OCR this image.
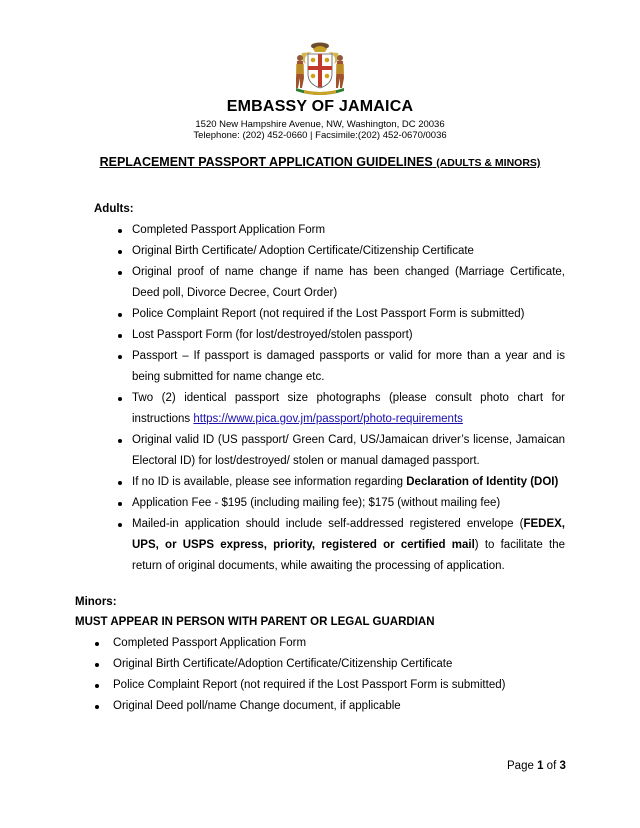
EMBASSY OF JAMAICA
1520 New Hampshire Avenue, NW, Washington, DC 20036
Telephone: (202) 452-0660 | Facsimile:(202) 452-0670/0036
REPLACEMENT PASSPORT APPLICATION GUIDELINES (ADULTS & MINORS)
Adults:
Completed Passport Application Form
Original Birth Certificate/ Adoption Certificate/Citizenship Certificate
Original proof of name change if name has been changed (Marriage Certificate, Deed poll, Divorce Decree, Court Order)
Police Complaint Report (not required if the Lost Passport Form is submitted)
Lost Passport Form (for lost/destroyed/stolen passport)
Passport – If passport is damaged passports or valid for more than a year and is being submitted for name change etc.
Two (2) identical passport size photographs (please consult photo chart for instructions https://www.pica.gov.jm/passport/photo-requirements
Original valid ID (US passport/ Green Card, US/Jamaican driver’s license, Jamaican Electoral ID) for lost/destroyed/ stolen or manual damaged passport.
If no ID is available, please see information regarding Declaration of Identity (DOI)
Application Fee - $195 (including mailing fee); $175 (without mailing fee)
Mailed-in application should include self-addressed registered envelope (FEDEX, UPS, or USPS express, priority, registered or certified mail) to facilitate the return of original documents, while awaiting the processing of application.
Minors:
MUST APPEAR IN PERSON WITH PARENT OR LEGAL GUARDIAN
Completed Passport Application Form
Original Birth Certificate/Adoption Certificate/Citizenship Certificate
Police Complaint Report (not required if the Lost Passport Form is submitted)
Original Deed poll/name Change document, if applicable
Page 1 of 3
